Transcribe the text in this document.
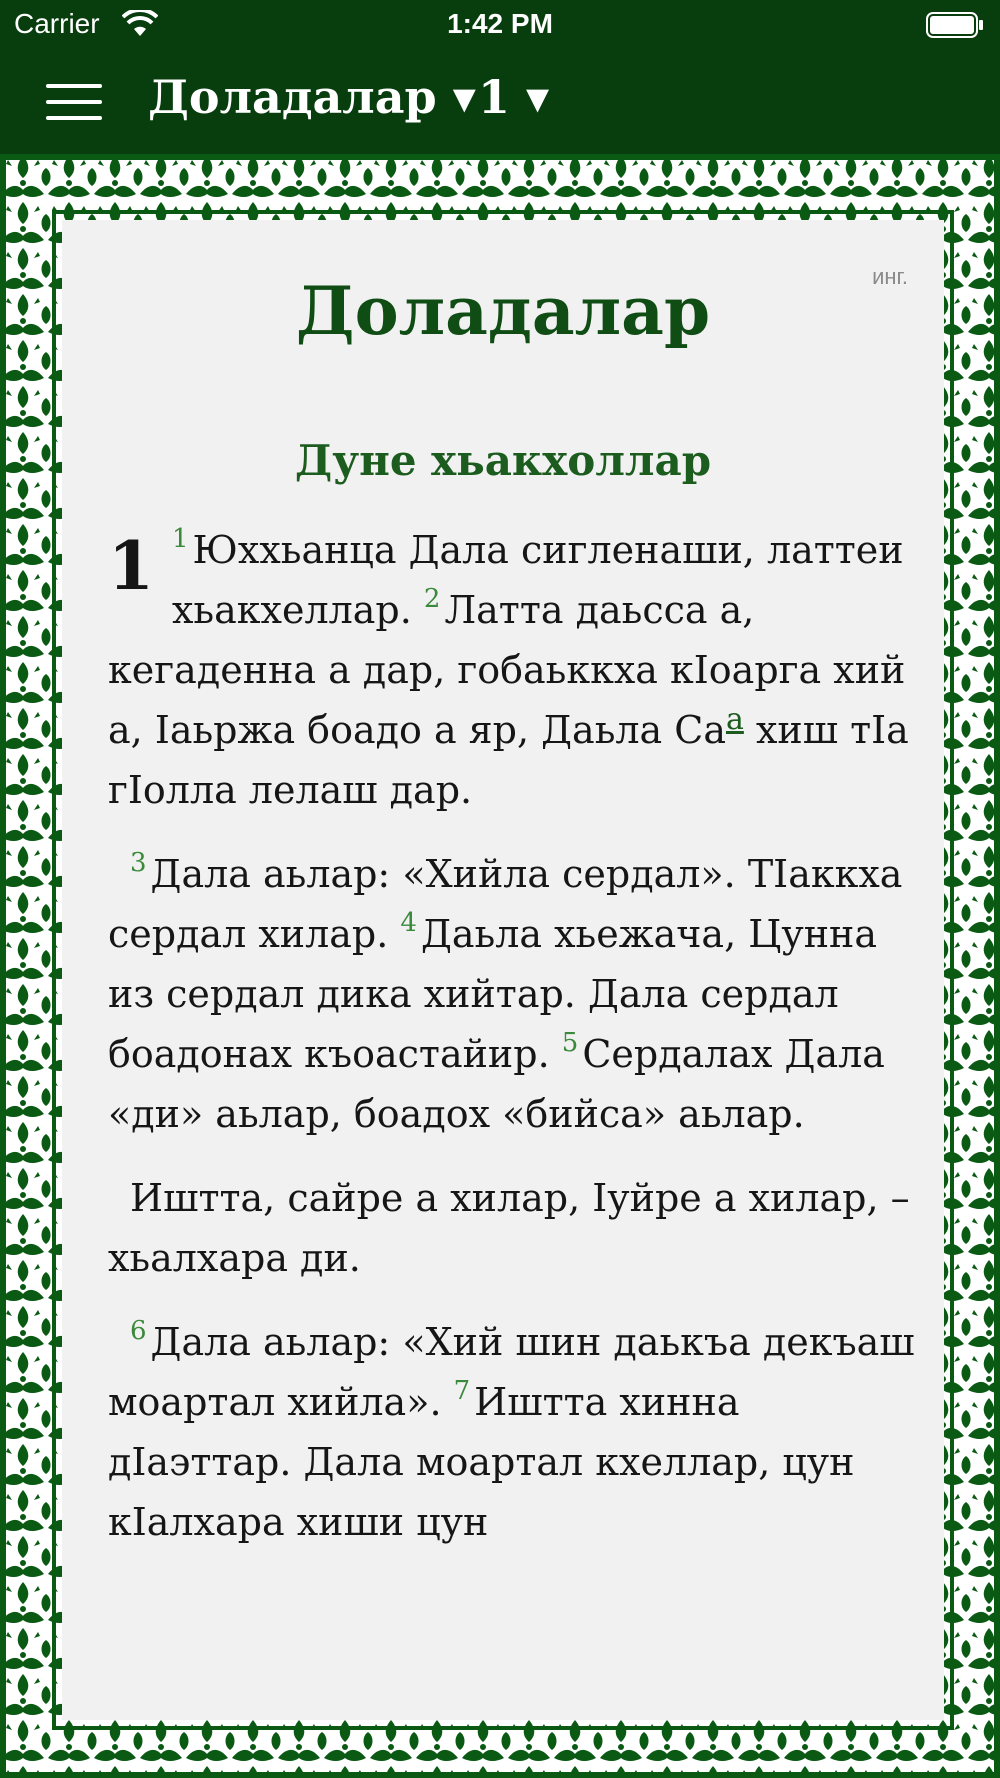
Carrier	1:42 PM
Доладалар ▾ 1 ▾
инг.
Доладалар
Дуне хьакхоллар

1 $^1$ Юххьанца Дала сигленаши, латтеи хьакхеллар. $^2$ Латта даьсса а, кегаденна а дар, гобаьккха кӀоарга хий а, Ӏаьржа боадо а яр, Даьла Са$^а$ хиш тӀа гӀолла лелаш дар.

$^3$ Дала аьлар: «Хийла сердал». ТӀаккха сердал хилар. $^4$ Даьла хьежача, Цунна из сердал дика хийтар. Дала сердал боадонах къоастайир. $^5$ Сердалах Дала «ди» аьлар, боадох «бийса» аьлар.

Иштта, сайре а хилар, Ӏуйре а хилар, – хьалхара ди.

$^6$ Дала аьлар: «Хий шин даькъа декъаш моартал хийла». $^7$ Иштта хинна дӀаэттар. Дала моартал кхеллар, цун кӀалхара хиши цун
